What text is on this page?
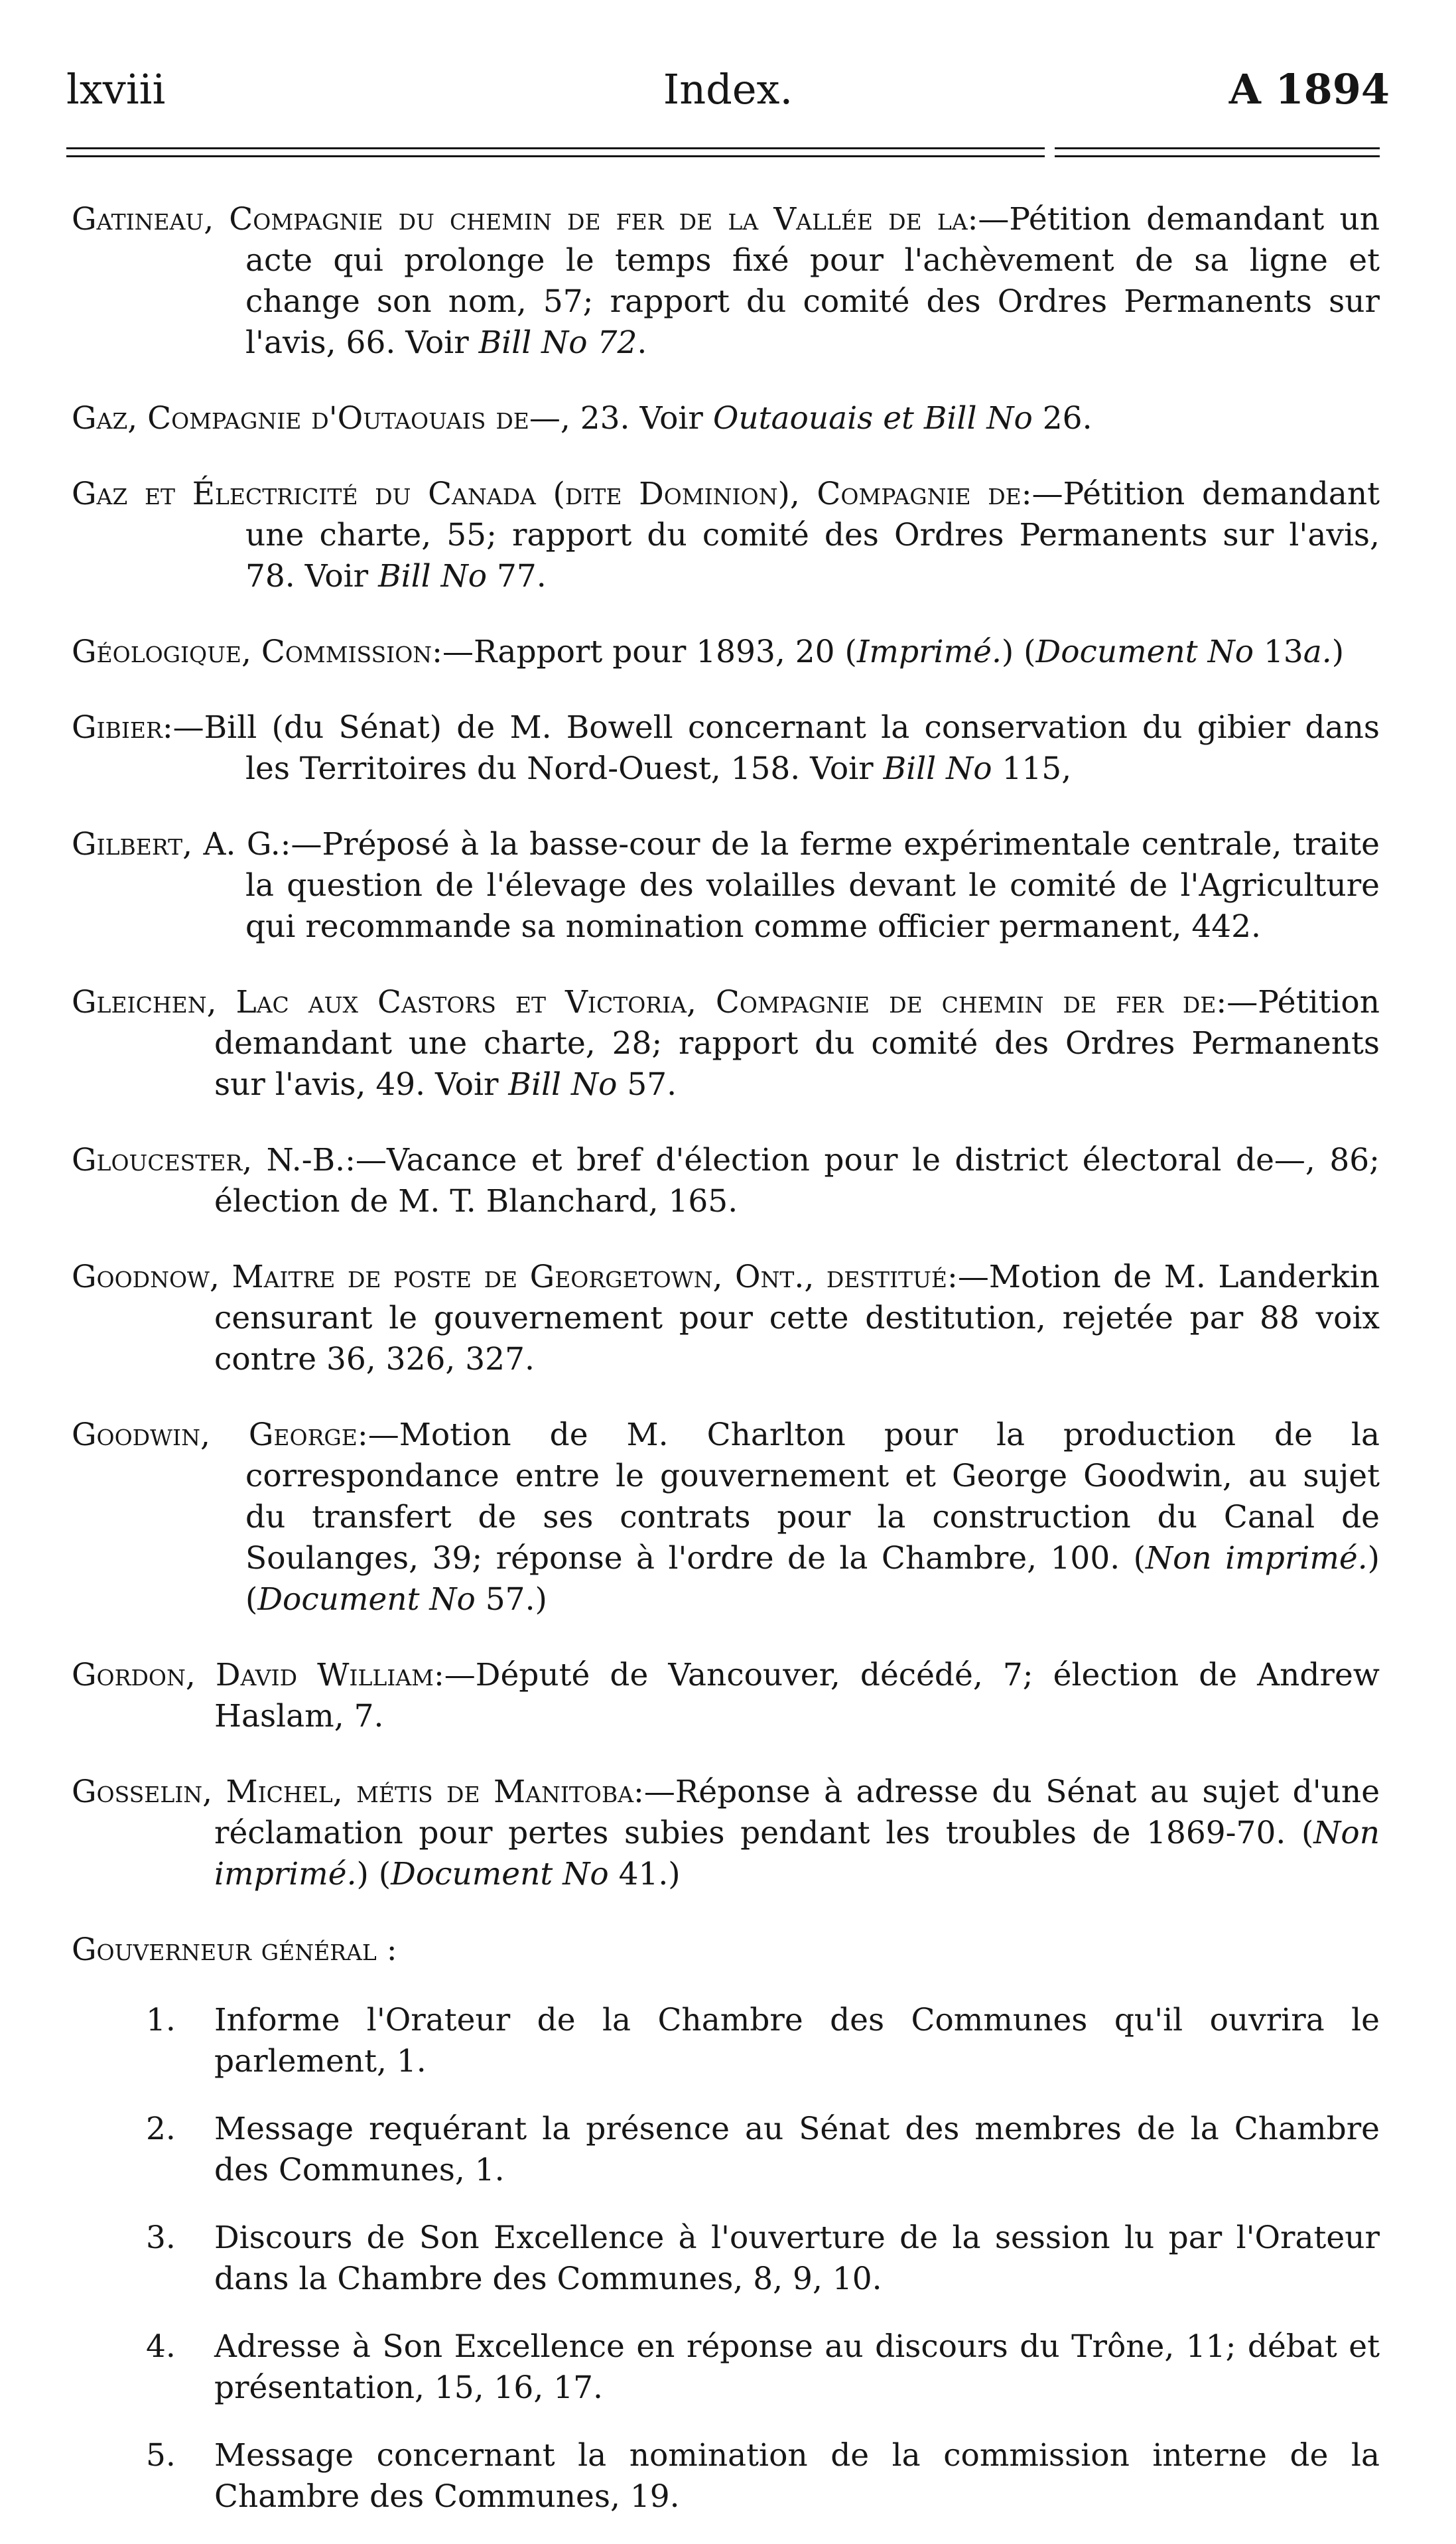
Index.
lxviii	A 1894

Gatineau, Compagnie du chemin de fer de la Vallée de la:—Pétition demandant un acte qui prolonge le temps fixé pour l'achèvement de sa ligne et change son nom, 57; rapport du comité des Ordres Permanents sur l'avis, 66. Voir Bill No 72.

Gaz, Compagnie d'Outaouais de—, 23. Voir Outaouais et Bill No 26.

Gaz et Électricité du Canada (dite Dominion), Compagnie de:—Pétition demandant une charte, 55; rapport du comité des Ordres Permanents sur l'avis, 78. Voir Bill No 77.

Géologique, Commission:—Rapport pour 1893, 20 (Imprimé.) (Document No 13a.)

Gibier:—Bill (du Sénat) de M. Bowell concernant la conservation du gibier dans les Territoires du Nord-Ouest, 158. Voir Bill No 115,

Gilbert, A. G.:—Préposé à la basse-cour de la ferme expérimentale centrale, traite la question de l'élevage des volailles devant le comité de l'Agriculture qui recommande sa nomination comme officier permanent, 442.

Gleichen, Lac aux Castors et Victoria, Compagnie de chemin de fer de:—Pétition demandant une charte, 28; rapport du comité des Ordres Permanents sur l'avis, 49. Voir Bill No 57.

Gloucester, N.-B.:—Vacance et bref d'élection pour le district électoral de—, 86; élection de M. T. Blanchard, 165.

Goodnow, Maitre de poste de Georgetown, Ont., destitué:—Motion de M. Landerkin censurant le gouvernement pour cette destitution, rejetée par 88 voix contre 36, 326, 327.

Goodwin, George:—Motion de M. Charlton pour la production de la correspondance entre le gouvernement et George Goodwin, au sujet du transfert de ses contrats pour la construction du Canal de Soulanges, 39; réponse à l'ordre de la Chambre, 100. (Non imprimé.) (Document No 57.)

Gordon, David William:—Député de Vancouver, décédé, 7; élection de Andrew Haslam, 7.

Gosselin, Michel, métis de Manitoba:—Réponse à adresse du Sénat au sujet d'une réclamation pour pertes subies pendant les troubles de 1869-70. (Non imprimé.) (Document No 41.)

Gouverneur général :
1. Informe l'Orateur de la Chambre des Communes qu'il ouvrira le parlement, 1.
2. Message requérant la présence au Sénat des membres de la Chambre des Communes, 1.
3. Discours de Son Excellence à l'ouverture de la session lu par l'Orateur dans la Chambre des Communes, 8, 9, 10.
4. Adresse à Son Excellence en réponse au discours du Trône, 11; débat et présentation, 15, 16, 17.
5. Message concernant la nomination de la commission interne de la Chambre des Communes, 19.
